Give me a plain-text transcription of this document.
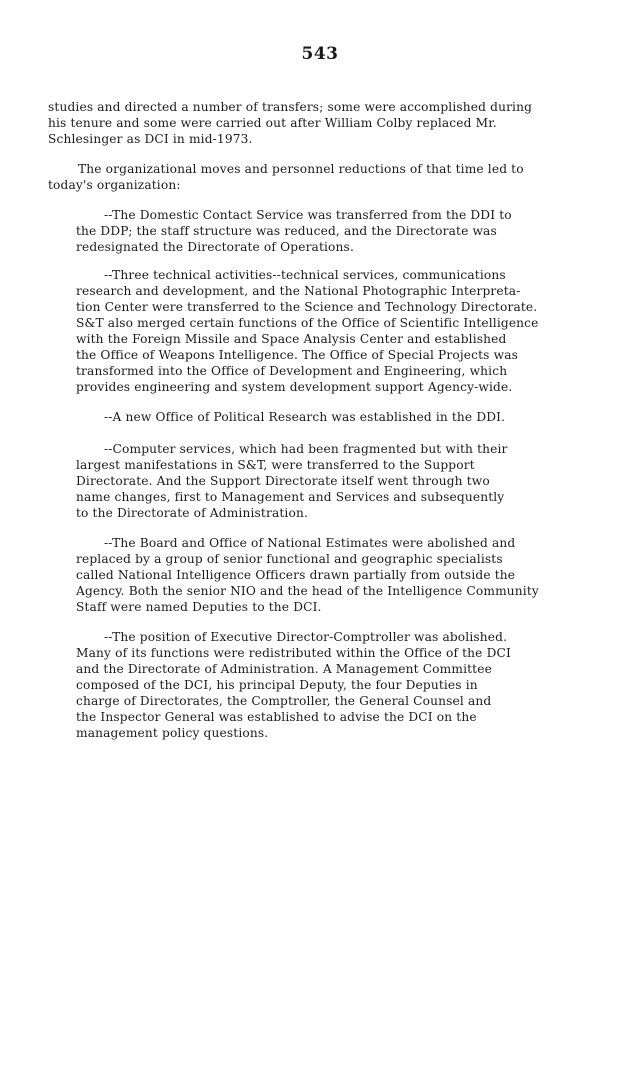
543
studies and directed a number of transfers; some were accomplished during
his tenure and some were carried out after William Colby replaced Mr.
Schlesinger as DCI in mid-1973.
The organizational moves and personnel reductions of that time led to
today's organization:
--The Domestic Contact Service was transferred from the DDI to
the DDP; the staff structure was reduced, and the Directorate was
redesignated the Directorate of Operations.
--Three technical activities--technical services, communications
research and development, and the National Photographic Interpreta-
tion Center were transferred to the Science and Technology Directorate.
S&T also merged certain functions of the Office of Scientific Intelligence
with the Foreign Missile and Space Analysis Center and established
the Office of Weapons Intelligence. The Office of Special Projects was
transformed into the Office of Development and Engineering, which
provides engineering and system development support Agency-wide.
--A new Office of Political Research was established in the DDI.
--Computer services, which had been fragmented but with their
largest manifestations in S&T, were transferred to the Support
Directorate. And the Support Directorate itself went through two
name changes, first to Management and Services and subsequently
to the Directorate of Administration.
--The Board and Office of National Estimates were abolished and
replaced by a group of senior functional and geographic specialists
called National Intelligence Officers drawn partially from outside the
Agency. Both the senior NIO and the head of the Intelligence Community
Staff were named Deputies to the DCI.
--The position of Executive Director-Comptroller was abolished.
Many of its functions were redistributed within the Office of the DCI
and the Directorate of Administration. A Management Committee
composed of the DCI, his principal Deputy, the four Deputies in
charge of Directorates, the Comptroller, the General Counsel and
the Inspector General was established to advise the DCI on the
management policy questions.
